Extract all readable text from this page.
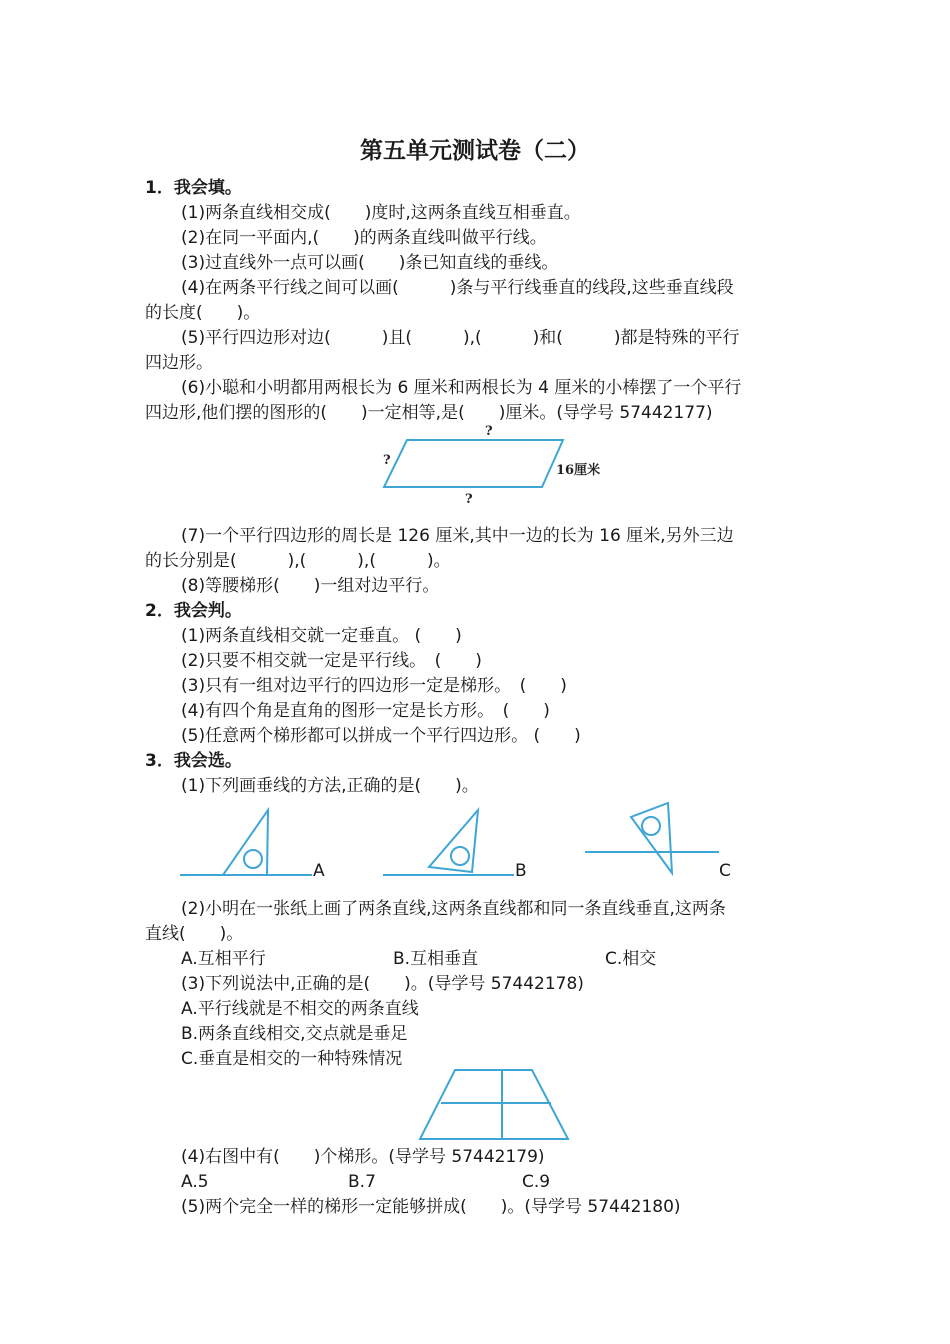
第五单元测试卷（二）
1．我会填。
(1)两条直线相交成(　　)度时,这两条直线互相垂直。
(2)在同一平面内,(　　)的两条直线叫做平行线。
(3)过直线外一点可以画(　　)条已知直线的垂线。
(4)在两条平行线之间可以画(　　　)条与平行线垂直的线段,这些垂直线段
的长度(　　)。
(5)平行四边形对边(　　　)且(　　　),(　　　)和(　　　)都是特殊的平行
四边形。
(6)小聪和小明都用两根长为 6 厘米和两根长为 4 厘米的小棒摆了一个平行
四边形,他们摆的图形的(　　)一定相等,是(　　)厘米。(导学号 57442177)
?
?
?
16厘米
(7)一个平行四边形的周长是 126 厘米,其中一边的长为 16 厘米,另外三边
的长分别是(　　　),(　　　),(　　　)。
(8)等腰梯形(　　)一组对边平行。
2．我会判。
(1)两条直线相交就一定垂直。 (　　)
(2)只要不相交就一定是平行线。　(　　)
(3)只有一组对边平行的四边形一定是梯形。　(　　)
(4)有四个角是直角的图形一定是长方形。　(　　)
(5)任意两个梯形都可以拼成一个平行四边形。 (　　)
3．我会选。
(1)下列画垂线的方法,正确的是(　　)。
A	B	C
(2)小明在一张纸上画了两条直线,这两条直线都和同一条直线垂直,这两条
直线(　　)。
A.互相平行	B.互相垂直	C.相交
(3)下列说法中,正确的是(　　)。(导学号 57442178)
A.平行线就是不相交的两条直线
B.两条直线相交,交点就是垂足
C.垂直是相交的一种特殊情况
(4)右图中有(　　)个梯形。(导学号 57442179)
A.5	B.7	C.9
(5)两个完全一样的梯形一定能够拼成(　　)。(导学号 57442180)
